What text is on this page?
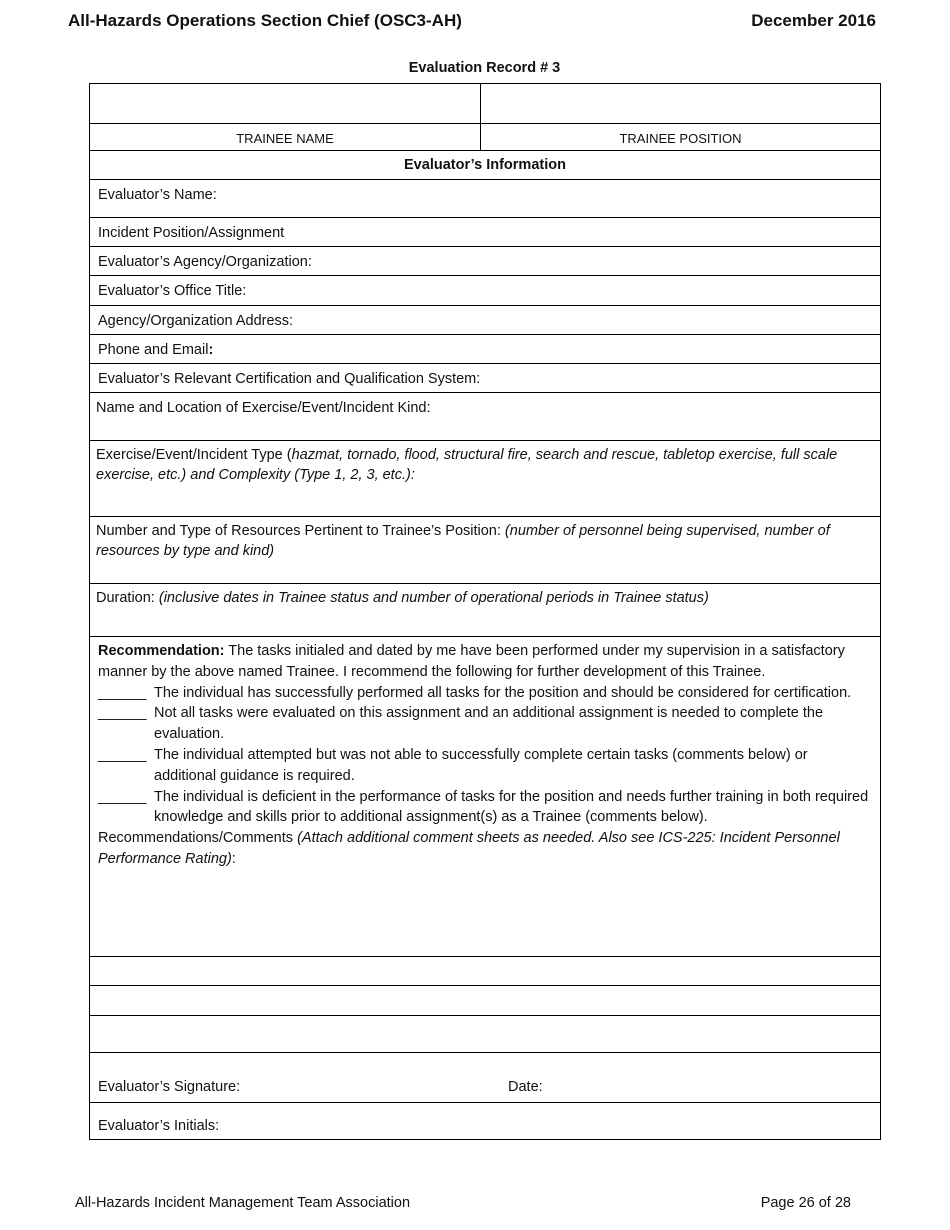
All-Hazards Operations Section Chief (OSC3-AH)	December 2016
Evaluation Record # 3
TRAINEE NAME	TRAINEE POSITION
Evaluator’s Information
Evaluator’s Name:
Incident Position/Assignment
Evaluator’s Agency/Organization:
Evaluator’s Office Title:
Agency/Organization Address:
Phone and Email:
Evaluator’s Relevant Certification and Qualification System:
Name and Location of Exercise/Event/Incident Kind:
Exercise/Event/Incident Type (hazmat, tornado, flood, structural fire, search and rescue, tabletop exercise, full scale exercise, etc.) and Complexity (Type 1, 2, 3, etc.):
Number and Type of Resources Pertinent to Trainee’s Position: (number of personnel being supervised, number of resources by type and kind)
Duration: (inclusive dates in Trainee status and number of operational periods in Trainee status)
Recommendation: The tasks initialed and dated by me have been performed under my supervision in a satisfactory manner by the above named Trainee. I recommend the following for further development of this Trainee.
______ The individual has successfully performed all tasks for the position and should be considered for certification.
______ Not all tasks were evaluated on this assignment and an additional assignment is needed to complete the evaluation.
______ The individual attempted but was not able to successfully complete certain tasks (comments below) or additional guidance is required.
______ The individual is deficient in the performance of tasks for the position and needs further training in both required knowledge and skills prior to additional assignment(s) as a Trainee (comments below).
Recommendations/Comments (Attach additional comment sheets as needed. Also see ICS-225: Incident Personnel Performance Rating):
Evaluator’s Signature:	Date:
Evaluator’s Initials:
All-Hazards Incident Management Team Association	Page 26 of 28
